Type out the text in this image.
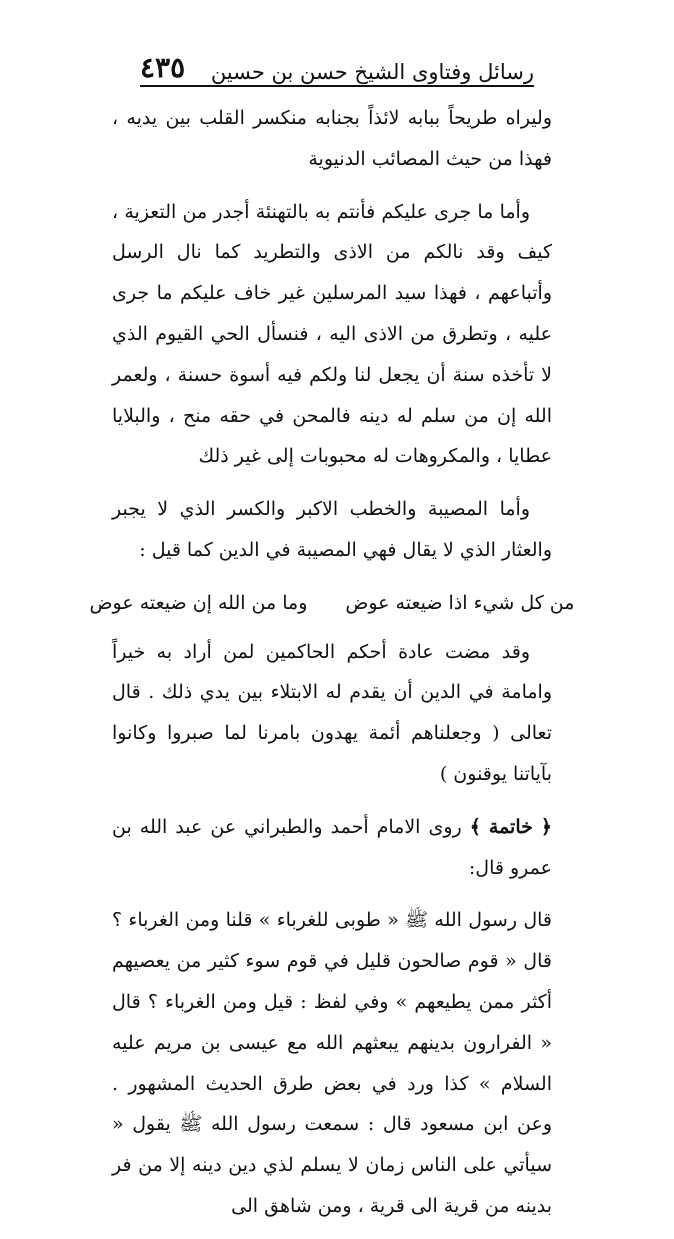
رسائل وفتاوى الشيخ حسن بن حسين
٤٣٥

وليراه طريحاً ببابه لائذاً بجنابه منكسر القلب بين يديه ، فهذا من حيث المصائب الدنيوية

وأما ما جرى عليكم فأنتم به بالتهنئة أجدر من التعزية ، كيف وقد نالكم من الاذى والتطريد كما نال الرسل وأتباعهم ، فهذا سيد المرسلين غير خاف عليكم ما جرى عليه ، وتطرق من الاذى اليه ، فنسأل الحي القيوم الذي لا تأخذه سنة أن يجعل لنا ولكم فيه أسوة حسنة ، ولعمر الله إن من سلم له دينه فالمحن في حقه منح ، والبلايا عطايا ، والمكروهات له محبوبات إلى غير ذلك

وأما المصيبة والخطب الاكبر والكسر الذي لا يجبر والعثار الذي لا يقال فهي المصيبة في الدين كما قيل :

من كل شيء اذا ضيعته عوض
وما من الله إن ضيعته عوض

وقد مضت عادة أحكم الحاكمين لمن أراد به خيراً وامامة في الدين أن يقدم له الابتلاء بين يدي ذلك . قال تعالى ( وجعلناهم أئمة يهدون بامرنا لما صبروا وكانوا بآياتنا يوقنون )

﴿ خاتمة ﴾ روى الامام أحمد والطبراني عن عبد الله بن عمرو قال:

قال رسول الله ﷺ « طوبى للغرباء » قلنا ومن الغرباء ؟ قال « قوم صالحون قليل في قوم سوء كثير من يعصيهم أكثر ممن يطيعهم » وفي لفظ : قيل ومن الغرباء ؟ قال « الفرارون بدينهم يبعثهم الله مع عيسى بن مريم عليه السلام » كذا ورد في بعض طرق الحديث المشهور . وعن ابن مسعود قال : سمعت رسول الله ﷺ يقول « سيأتي على الناس زمان لا يسلم لذي دين دينه إلا من فر بدينه من قرية الى قرية ، ومن شاهق الى
